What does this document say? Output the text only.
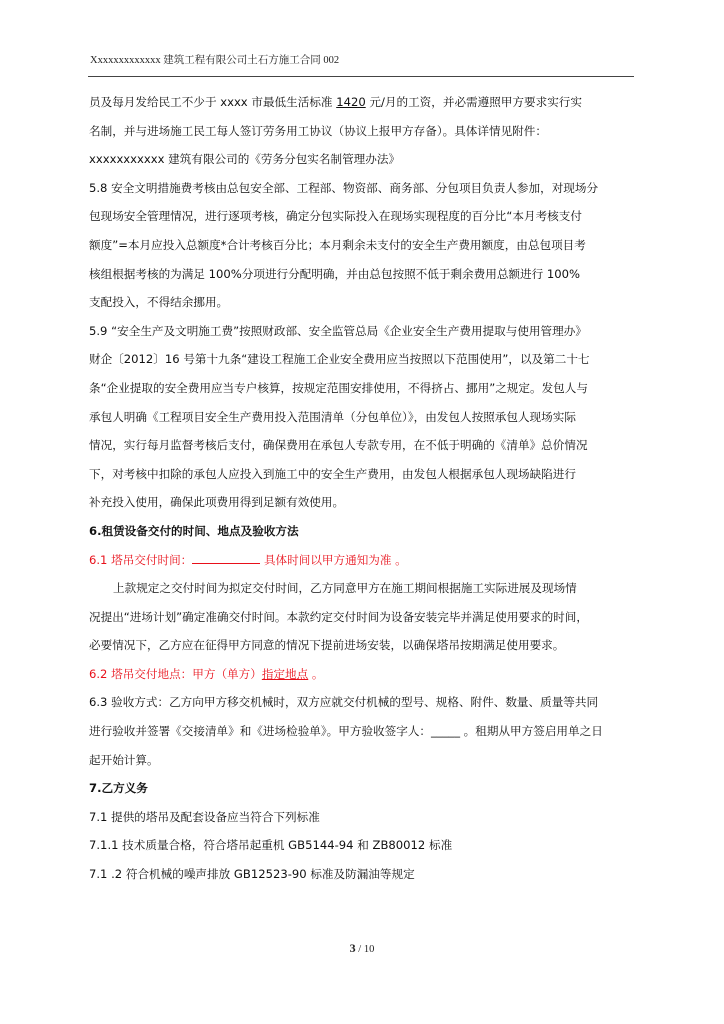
Xxxxxxxxxxxxx 建筑工程有限公司土石方施工合同 002
员及每月发给民工不少于 xxxx 市最低生活标准 1420 元/月的工资，并必需遵照甲方要求实行实
名制，并与进场施工民工每人签订劳务用工协议（协议上报甲方存备）。具体详情见附件：
xxxxxxxxxxx 建筑有限公司的《劳务分包实名制管理办法》
5.8 安全文明措施费考核由总包安全部、工程部、物资部、商务部、分包项目负责人参加，对现场分
包现场安全管理情况，进行逐项考核，确定分包实际投入在现场实现程度的百分比“本月考核支付
额度”=本月应投入总额度*合计考核百分比；本月剩余未支付的安全生产费用额度，由总包项目考
核组根据考核的为满足 100%分项进行分配明确，并由总包按照不低于剩余费用总额进行 100%
支配投入，不得结余挪用。
5.9 “安全生产及文明施工费”按照财政部、安全监管总局《企业安全生产费用提取与使用管理办》
财企〔2012〕16 号第十九条“建设工程施工企业安全费用应当按照以下范围使用”，以及第二十七
条“企业提取的安全费用应当专户核算，按规定范围安排使用，不得挤占、挪用”之规定。发包人与
承包人明确《工程项目安全生产费用投入范围清单（分包单位）》，由发包人按照承包人现场实际
情况，实行每月监督考核后支付，确保费用在承包人专款专用，在不低于明确的《清单》总价情况
下，对考核中扣除的承包人应投入到施工中的安全生产费用，由发包人根据承包人现场缺陷进行
补充投入使用，确保此项费用得到足额有效使用。
6.租赁设备交付的时间、地点及验收方法
6.1 塔吊交付时间：	具体时间以甲方通知为准 。
上款规定之交付时间为拟定交付时间，乙方同意甲方在施工期间根据施工实际进展及现场情
况提出“进场计划”确定准确交付时间。本款约定交付时间为设备安装完毕并满足使用要求的时间，
必要情况下，乙方应在征得甲方同意的情况下提前进场安装，以确保塔吊按期满足使用要求。
6.2 塔吊交付地点：甲方（单方）指定地点 。
6.3 验收方式：乙方向甲方移交机械时，双方应就交付机械的型号、规格、附件、数量、质量等共同
进行验收并签署《交接清单》和《进场检验单》。甲方验收签字人：_____ 。租期从甲方签启用单之日
起开始计算。
7.乙方义务
7.1 提供的塔吊及配套设备应当符合下列标准
7.1.1 技术质量合格，符合塔吊起重机 GB5144-94 和 ZB80012 标准
7.1 .2 符合机械的噪声排放 GB12523-90 标准及防漏油等规定
3 / 10
